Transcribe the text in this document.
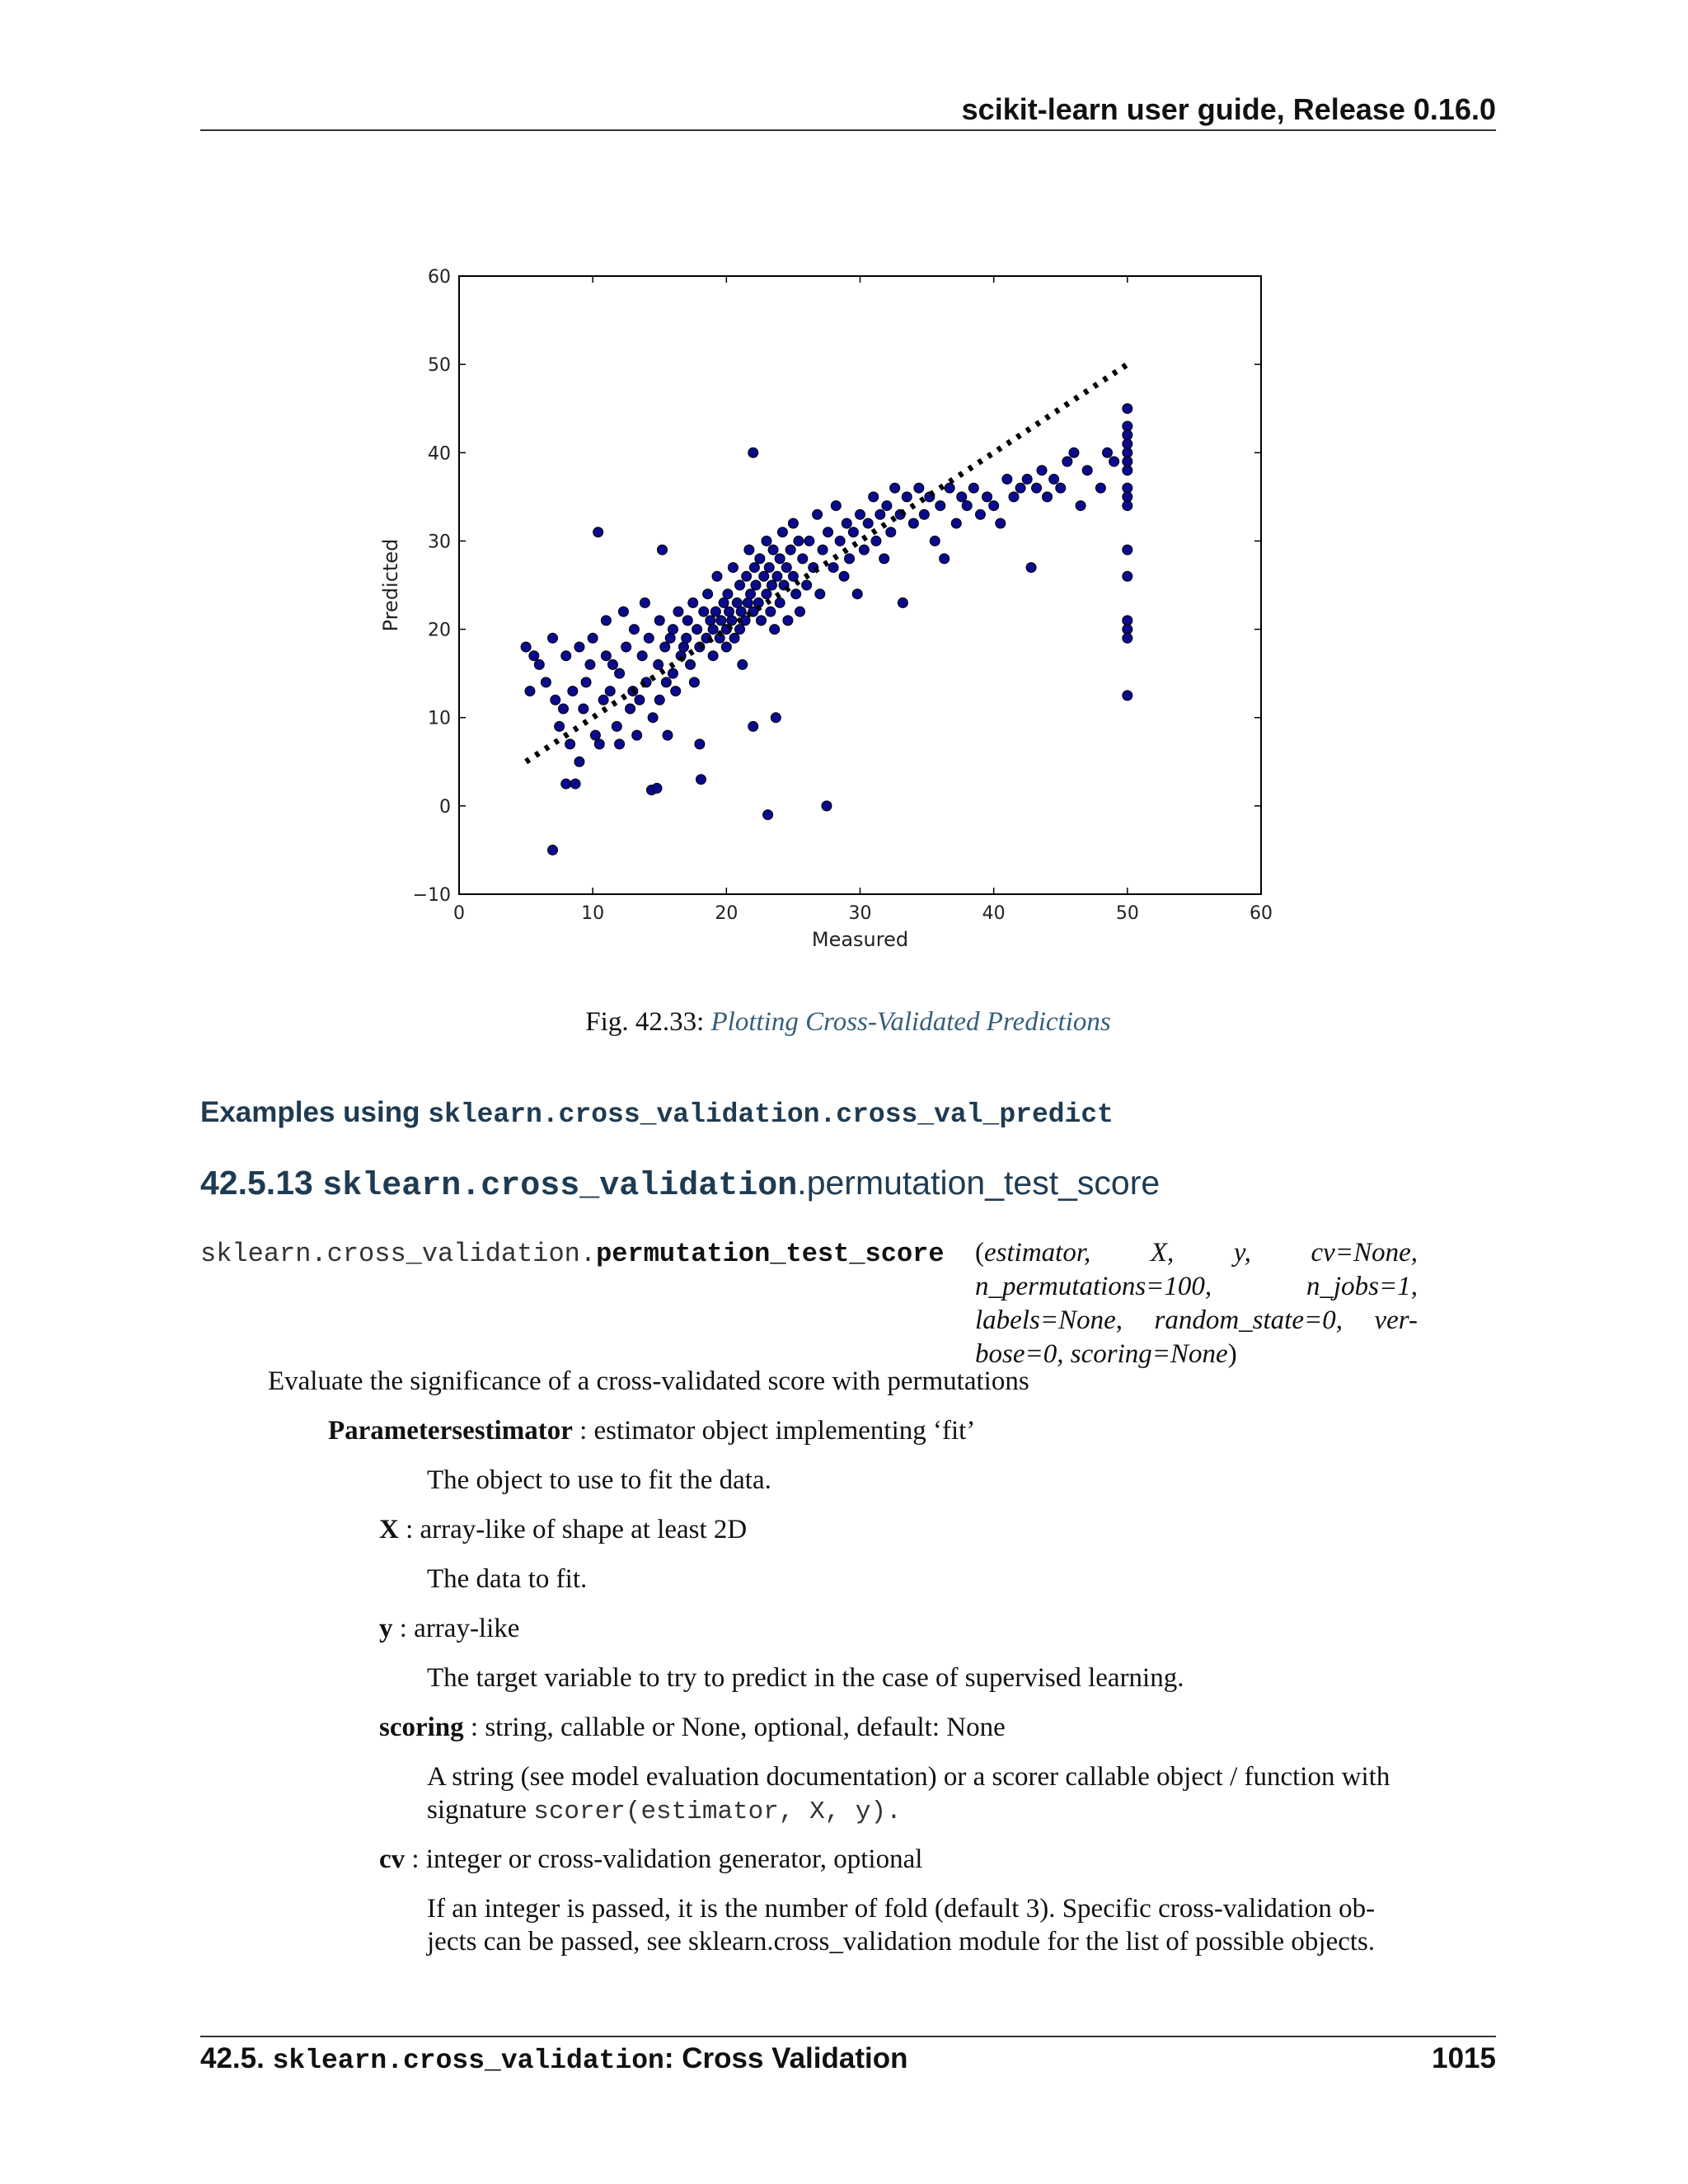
scikit-learn user guide, Release 0.16.0
0	10	20	30	40	50	60
−10
0
10
20
30
40
50
60
Measured
Predicted
Fig. 42.33: Plotting Cross-Validated Predictions
Examples using sklearn.cross_validation.cross_val_predict
42.5.13 sklearn.cross_validation.permutation_test_score
sklearn.cross_validation.permutation_test_score (estimator, X, y, cv=None,
n_permutations=100,	n_jobs=1,
labels=None, random_state=0, ver-
bose=0, scoring=None)
Evaluate the significance of a cross-validated score with permutations
Parametersestimator : estimator object implementing ‘fit’
The object to use to fit the data.
X : array-like of shape at least 2D
The data to fit.
y : array-like
The target variable to try to predict in the case of supervised learning.
scoring : string, callable or None, optional, default: None
A string (see model evaluation documentation) or a scorer callable object / function with
signature scorer(estimator, X, y).
cv : integer or cross-validation generator, optional
If an integer is passed, it is the number of fold (default 3). Specific cross-validation ob-
jects can be passed, see sklearn.cross_validation module for the list of possible objects.
42.5. sklearn.cross_validation: Cross Validation	1015
